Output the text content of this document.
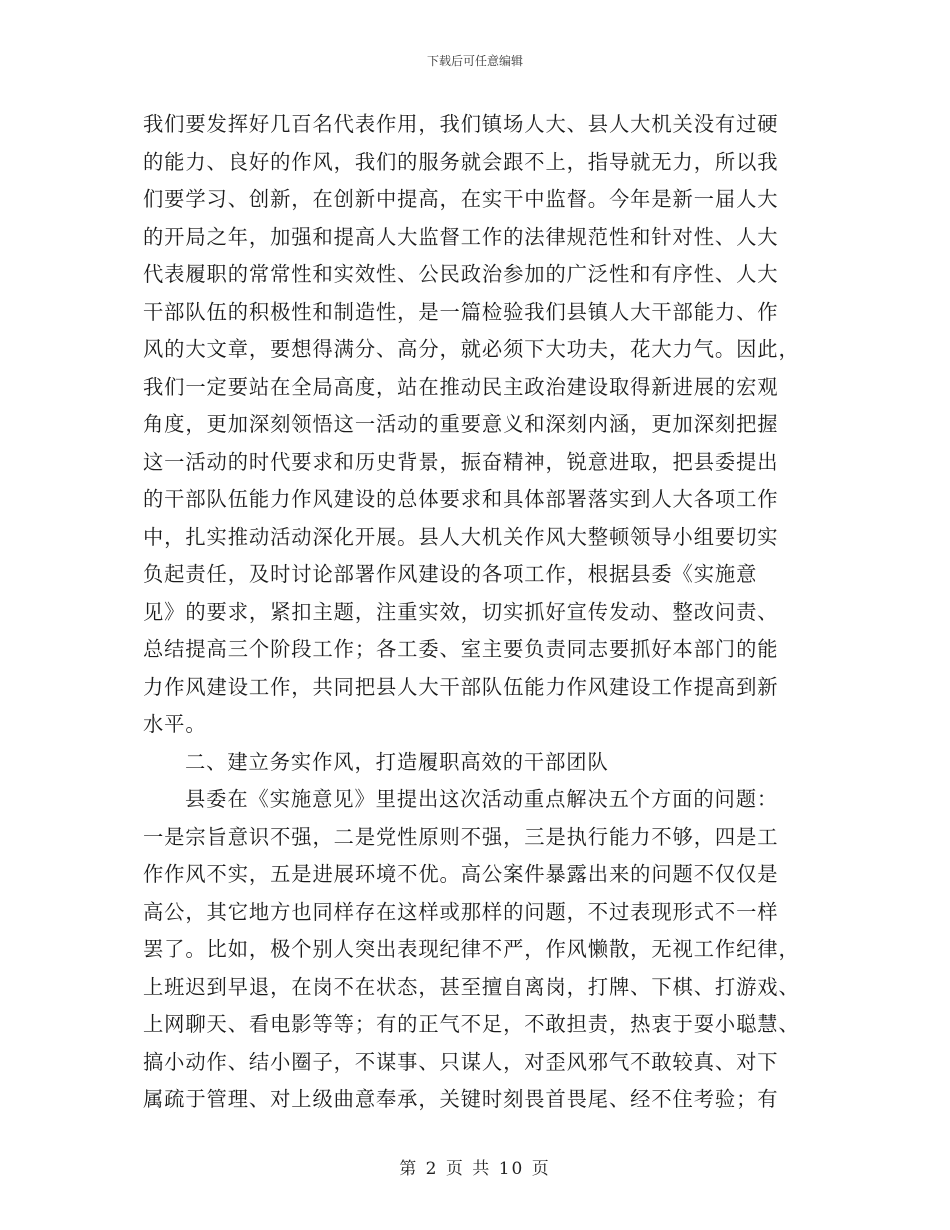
下载后可任意编辑
我们要发挥好几百名代表作用，我们镇场人大、县人大机关没有过硬
的能力、良好的作风，我们的服务就会跟不上，指导就无力，所以我
们要学习、创新，在创新中提高，在实干中监督。今年是新一届人大
的开局之年，加强和提高人大监督工作的法律规范性和针对性、人大
代表履职的常常性和实效性、公民政治参加的广泛性和有序性、人大
干部队伍的积极性和制造性，是一篇检验我们县镇人大干部能力、作
风的大文章，要想得满分、高分，就必须下大功夫，花大力气。因此，
我们一定要站在全局高度，站在推动民主政治建设取得新进展的宏观
角度，更加深刻领悟这一活动的重要意义和深刻内涵，更加深刻把握
这一活动的时代要求和历史背景，振奋精神，锐意进取，把县委提出
的干部队伍能力作风建设的总体要求和具体部署落实到人大各项工作
中，扎实推动活动深化开展。县人大机关作风大整顿领导小组要切实
负起责任，及时讨论部署作风建设的各项工作，根据县委《实施意
见》的要求，紧扣主题，注重实效，切实抓好宣传发动、整改问责、
总结提高三个阶段工作；各工委、室主要负责同志要抓好本部门的能
力作风建设工作，共同把县人大干部队伍能力作风建设工作提高到新
水平。
二、建立务实作风，打造履职高效的干部团队
县委在《实施意见》里提出这次活动重点解决五个方面的问题：
一是宗旨意识不强，二是党性原则不强，三是执行能力不够，四是工
作作风不实，五是进展环境不优。高公案件暴露出来的问题不仅仅是
高公，其它地方也同样存在这样或那样的问题，不过表现形式不一样
罢了。比如，极个别人突出表现纪律不严，作风懒散，无视工作纪律，
上班迟到早退，在岗不在状态，甚至擅自离岗，打牌、下棋、打游戏、
上网聊天、看电影等等；有的正气不足，不敢担责，热衷于耍小聪慧、
搞小动作、结小圈子，不谋事、只谋人，对歪风邪气不敢较真、对下
属疏于管理、对上级曲意奉承，关键时刻畏首畏尾、经不住考验；有
第 2 页 共 10 页
